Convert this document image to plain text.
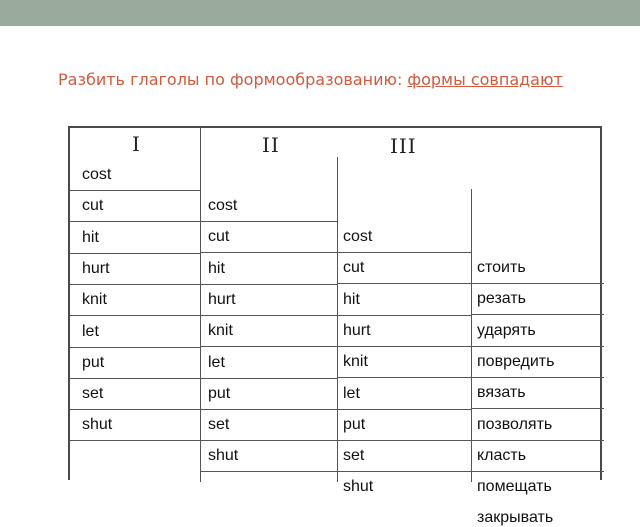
Разбить глаголы по формообразованию: формы совпадают
I	II	III
cost
cost
cost
стоить
cut
cut
cut
резать
hit
hit
hit
ударять
hurt
hurt
hurt
повредить
knit
knit
knit
вязать
let
let
let
позволять
put
put
put
класть
set
set
set
помещать
shut
shut
shut
закрывать
